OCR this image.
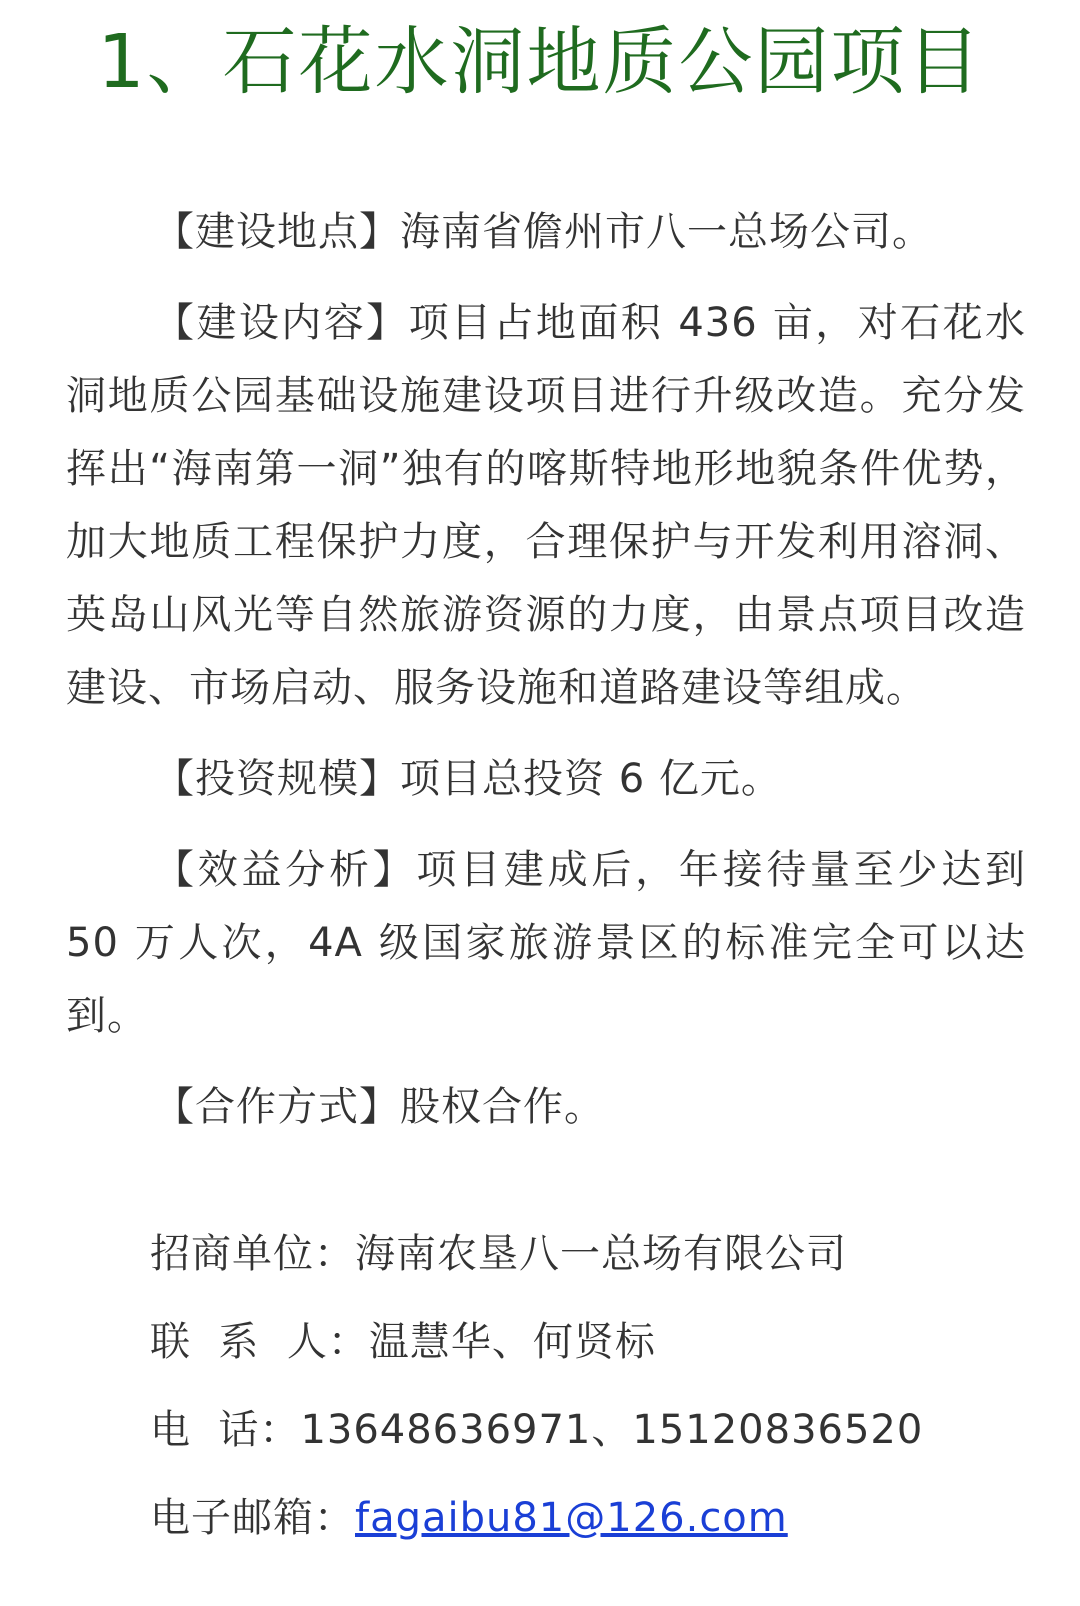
1、石花水洞地质公园项目

【建设地点】海南省儋州市八一总场公司。

【建设内容】项目占地面积 436 亩，对石花水洞地质公园基础设施建设项目进行升级改造。充分发挥出“海南第一洞”独有的喀斯特地形地貌条件优势，加大地质工程保护力度，合理保护与开发利用溶洞、英岛山风光等自然旅游资源的力度，由景点项目改造建设、市场启动、服务设施和道路建设等组成。

【投资规模】项目总投资 6 亿元。

【效益分析】项目建成后，年接待量至少达到 50 万人次，4A 级国家旅游景区的标准完全可以达到。

【合作方式】股权合作。

招商单位：海南农垦八一总场有限公司
联  系  人：温慧华、何贤标
电  话：13648636971、15120836520
电子邮箱：fagaibu81@126.com
